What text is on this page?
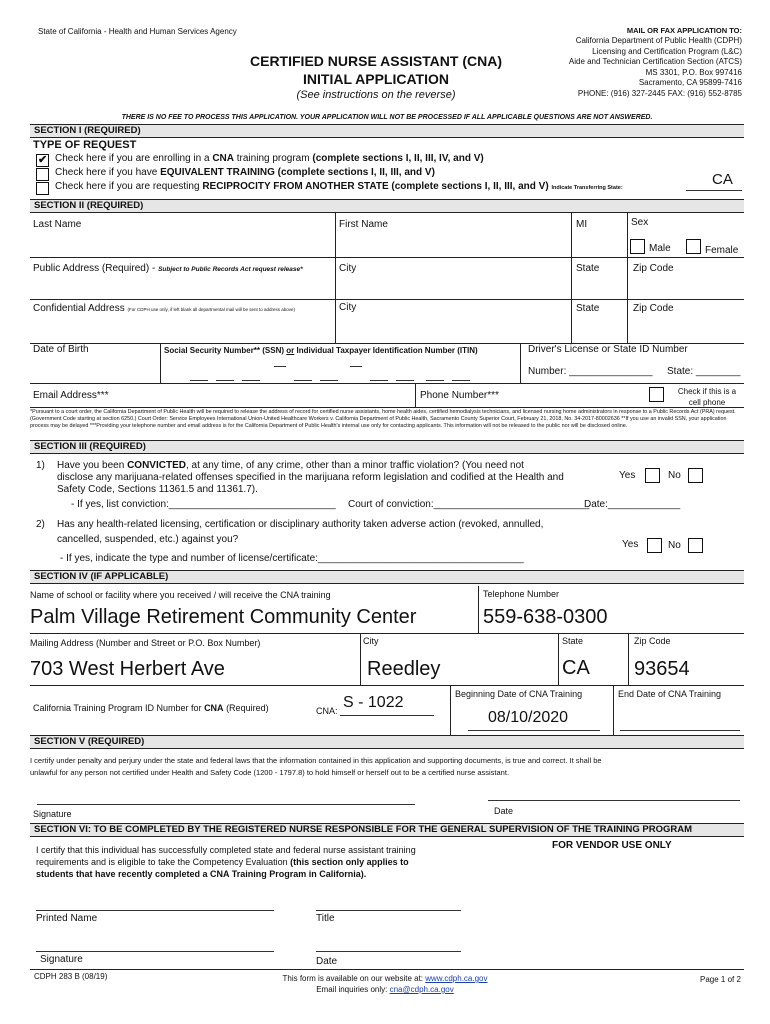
State of California - Health and Human Services Agency
CERTIFIED NURSE ASSISTANT (CNA)
INITIAL APPLICATION
(See instructions on the reverse)
MAIL OR FAX APPLICATION TO:
California Department of Public Health (CDPH)
Licensing and Certification Program (L&C)
Aide and Technician Certification Section (ATCS)
MS 3301, P.O. Box 997416
Sacramento, CA 95899-7416
PHONE: (916) 327-2445 FAX: (916) 552-8785
THERE IS NO FEE TO PROCESS THIS APPLICATION. YOUR APPLICATION WILL NOT BE PROCESSED IF ALL APPLICABLE QUESTIONS ARE NOT ANSWERED.
SECTION I (REQUIRED)
TYPE OF REQUEST
✔ Check here if you are enrolling in a CNA training program (complete sections I, II, III, IV, and V)
Check here if you have EQUIVALENT TRAINING (complete sections I, II, III, and V)
Check here if you are requesting RECIPROCITY FROM ANOTHER STATE (complete sections I, II, III, and V) Indicate Transferring State:	CA
SECTION II (REQUIRED)
Last Name	First Name	MI	Sex
Male	Female
Public Address (Required) - Subject to Public Records Act request release*	City	State	Zip Code
Confidential Address (For CDPH use only, if left blank all departmental mail will be sent to address above)	City	State	Zip Code
Date of Birth	Social Security Number** (SSN) or Individual Taxpayer Identification Number (ITIN)	Driver's License or State ID Number
Number: _______________ State: ________
Email Address***	Phone Number***	Check if this is a
cell phone
*Pursuant to a court order, the California Department of Public Health will be required to release the address of record for certified nurse assistants, home health aides, certified hemodialysis technicians, and licensed nursing home administrators in response to a Public Records Act (PRA) request. (Government Code starting at section 6250.) Court Order: Service Employees International Union-United Healthcare Workers v. California Department of Public Health, Sacramento County Superior Court, February 21, 2018, No. 34-2017-80002636 **If you use an invalid SSN, your application process may be delayed ***Providing your telephone number and email address is for the California Department of Public Health's internal use only for contacting applicants. This information will not be released to the public nor will be disclosed online.
SECTION III (REQUIRED)
1) Have you been CONVICTED, at any time, of any crime, other than a minor traffic violation? (You need not
disclose any marijuana-related offenses specified in the marijuana reform legislation and codified at the Health and
Safety Code, Sections 11361.5 and 11361.7).
Yes	No
- If yes, list conviction:______________________________ Court of conviction:____________________________
Date:_____________
2) Has any health-related licensing, certification or disciplinary authority taken adverse action (revoked, annulled,
cancelled, suspended, etc.) against you?	Yes	No
- If yes, indicate the type and number of license/certificate:_____________________________________
SECTION IV (IF APPLICABLE)
Name of school or facility where you received / will receive the CNA training	Telephone Number
Palm Village Retirement Community Center	559-638-0300
Mailing Address (Number and Street or P.O. Box Number)	City	State	Zip Code
703 West Herbert Ave	Reedley	CA 93654
California Training Program ID Number for CNA (Required)	CNA: S - 1022	Beginning Date of CNA Training
08/10/2020
End Date of CNA Training
SECTION V (REQUIRED)
I certify under penalty and perjury under the state and federal laws that the information contained in this application and supporting documents, is true and correct. It shall be
unlawful for any person not certified under Health and Safety Code (1200 - 1797.8) to hold himself or herself out to be a certified nurse assistant.
Signature	Date
SECTION VI: TO BE COMPLETED BY THE REGISTERED NURSE RESPONSIBLE FOR THE GENERAL SUPERVISION OF THE TRAINING PROGRAM
I certify that this individual has successfully completed state and federal nurse assistant training
requirements and is eligible to take the Competency Evaluation (this section only applies to
students that have recently completed a CNA Training Program in California).
FOR VENDOR USE ONLY
Printed Name	Title
Signature	Date
CDPH 283 B (08/19)	This form is available on our website at: www.cdph.ca.gov
Email inquiries only: cna@cdph.ca.gov
Page 1 of 2
